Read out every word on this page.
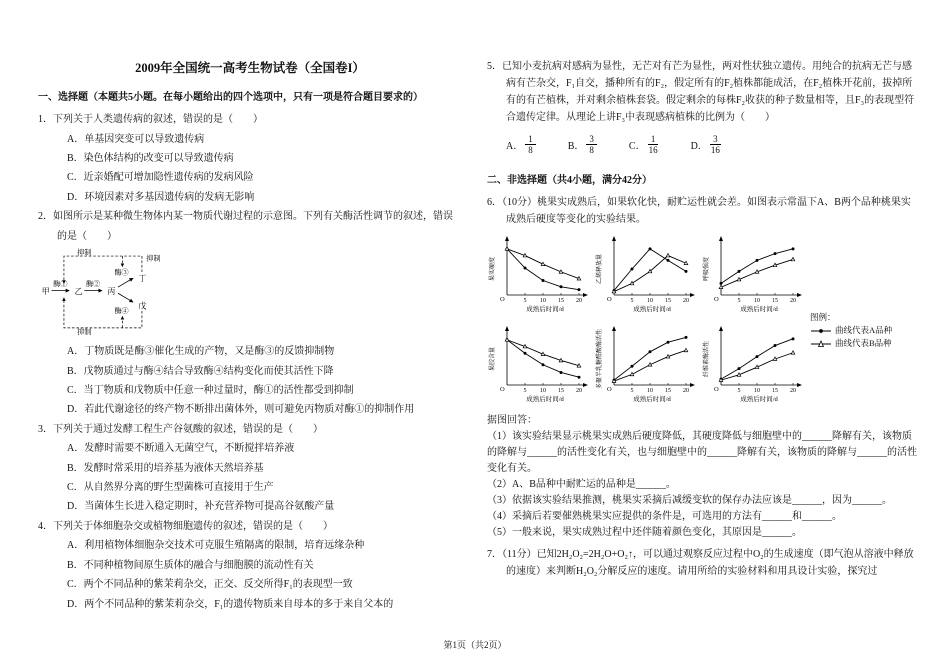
2009年全国统一高考生物试卷（全国卷I）
一、选择题（本题共5小题。在每小题给出的四个选项中，只有一项是符合题目要求的）

1．下列关于人类遗传病的叙述，错误的是（　　）

A．单基因突变可以导致遗传病
B．染色体结构的改变可以导致遗传病
C．近亲婚配可增加隐性遗传病的发病风险
D．环境因素对多基因遗传病的发病无影响

2．如图所示是某种微生物体内某一物质代谢过程的示意图。下列有关酶活性调节的叙述，错误的是（　　）

甲
酶①
乙
酶②
丙
酶③
酶④
丁
戊
抑制
抑制
抑制
A．丁物质既是酶③催化生成的产物，又是酶③的反馈抑制物
B．戊物质通过与酶④结合导致酶④结构变化而使其活性下降
C．当丁物质和戊物质中任意一种过量时，酶①的活性都受到抑制
D．若此代谢途径的终产物不断排出菌体外，则可避免丙物质对酶①的抑制作用

3．下列关于通过发酵工程生产谷氨酸的叙述，错误的是（　　）

A．发酵时需要不断通入无菌空气，不断搅拌培养液
B．发酵时常采用的培养基为液体天然培养基
C．从自然界分离的野生型菌株可直接用于生产
D．当菌体生长进入稳定期时，补充营养物可提高谷氨酸产量

4．下列关于体细胞杂交或植物细胞遗传的叙述，错误的是（　　）

A．利用植物体细胞杂交技术可克服生殖隔离的限制，培育远缘杂种
B．不同种植物间原生质体的融合与细胞膜的流动性有关
C．两个不同品种的紫茉莉杂交，正交、反交所得F₁的表现型一致
D．两个不同品种的紫茉莉杂交，F₁的遗传物质来自母本的多于来自父本的

5．已知小麦抗病对感病为显性，无芒对有芒为显性，两对性状独立遗传。用纯合的抗病无芒与感病有芒杂交，F₁自交，播种所有的F₂，假定所有的F₂植株都能成活，在F₂植株开花前，拔掉所有的有芒植株，并对剩余植株套袋。假定剩余的每株F₂收获的种子数量相等，且F₃的表现型符合遗传定律。从理论上讲F₃中表现感病植株的比例为（　　）

A． $\frac{1}{8}$	B． $\frac{3}{8}$	C． $\frac{1}{16}$	D． $\frac{3}{16}$
二、非选择题（共4小题，满分42分）

6．（10分）桃果实成熟后，如果软化快，耐贮运性就会差。如图表示常温下A、B两个品种桃果实成熟后硬度等变化的实验结果。

图例：
曲线代表A品种
曲线代表B品种
O	5 10 15 20
成熟后时间/d
果实硬度
O	5 10 15 20
成熟后时间/d
乙烯释放量
O	5 10 15 20
成熟后时间/d
呼吸强度
O	5 10 15 20
成熟后时间/d
果胶含量
O	5 10 15 20
成熟后时间/d
多聚半乳糖醛酸酶活性
O	5 10 15 20
成熟后时间/d
纤维素酶活性

据图回答：

（1）该实验结果显示桃果实成熟后硬度降低，其硬度降低与细胞壁中的______降解有关，该物质的降解与______的活性变化有关，也与细胞壁中的______降解有关，该物质的降解与______的活性变化有关。

（2）A、B品种中耐贮运的品种是______。

（3）依据该实验结果推测，桃果实采摘后减缓变软的保存办法应该是______，因为______。

（4）采摘后若要催熟桃果实应提供的条件是，可选用的方法有______和______。

（5）一般来说，果实成熟过程中还伴随着颜色变化，其原因是______。

7．（11分）已知2H₂O₂=2H₂O+O₂↑，可以通过观察反应过程中O₂的生成速度（即气泡从溶液中释放的速度）来判断H₂O₂分解反应的速度。请用所给的实验材料和用具设计实验，探究过

第1页（共2页）
